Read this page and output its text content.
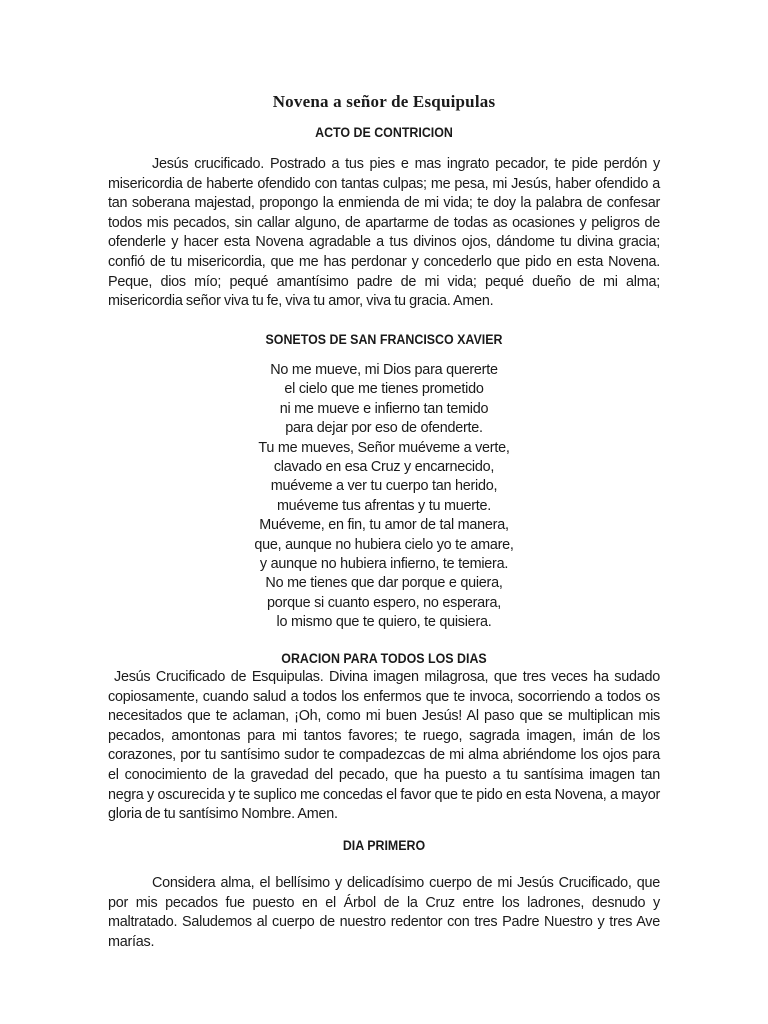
Novena a señor de Esquipulas
ACTO DE CONTRICION

Jesús crucificado. Postrado a tus pies e mas ingrato pecador, te pide perdón y misericordia de haberte ofendido con tantas culpas; me pesa, mi Jesús, haber ofendido a tan soberana majestad, propongo la enmienda de mi vida; te doy la palabra de confesar todos mis pecados, sin callar alguno, de apartarme de todas as ocasiones y peligros de ofenderle y hacer esta Novena agradable a tus divinos ojos, dándome tu divina gracia; confió de tu misericordia, que me has perdonar y concederlo que pido en esta Novena. Peque, dios mío; pequé amantísimo padre de mi vida; pequé dueño de mi alma; misericordia señor viva tu fe, viva tu amor, viva tu gracia. Amen.

SONETOS DE SAN FRANCISCO XAVIER
No me mueve, mi Dios para quererte
el cielo que me tienes prometido
ni me mueve e infierno tan temido
para dejar por eso de ofenderte.
Tu me mueves, Señor muéveme a verte,
clavado en esa Cruz y encarnecido,
muéveme a ver tu cuerpo tan herido,
muéveme tus afrentas y tu muerte.
Muéveme, en fin, tu amor de tal manera,
que, aunque no hubiera cielo yo te amare,
y aunque no hubiera infierno, te temiera.
No me tienes que dar porque e quiera,
porque si cuanto espero, no esperara,
lo mismo que te quiero, te quisiera.
ORACION PARA TODOS LOS DIAS

Jesús Crucificado de Esquipulas. Divina imagen milagrosa, que tres veces ha sudado copiosamente, cuando salud a todos los enfermos que te invoca, socorriendo a todos os necesitados que te aclaman, ¡Oh, como mi buen Jesús! Al paso que se multiplican mis pecados, amontonas para mi tantos favores; te ruego, sagrada imagen, imán de los corazones, por tu santísimo sudor te compadezcas de mi alma abriéndome los ojos para el conocimiento de la gravedad del pecado, que ha puesto a tu santísima imagen tan negra y oscurecida y te suplico me concedas el favor que te pido en esta Novena, a mayor gloria de tu santísimo Nombre. Amen.

DIA PRIMERO

Considera alma, el bellísimo y delicadísimo cuerpo de mi Jesús Crucificado, que por mis pecados fue puesto en el Árbol de la Cruz entre los ladrones, desnudo y maltratado. Saludemos al cuerpo de nuestro redentor con tres Padre Nuestro y tres Ave marías.
